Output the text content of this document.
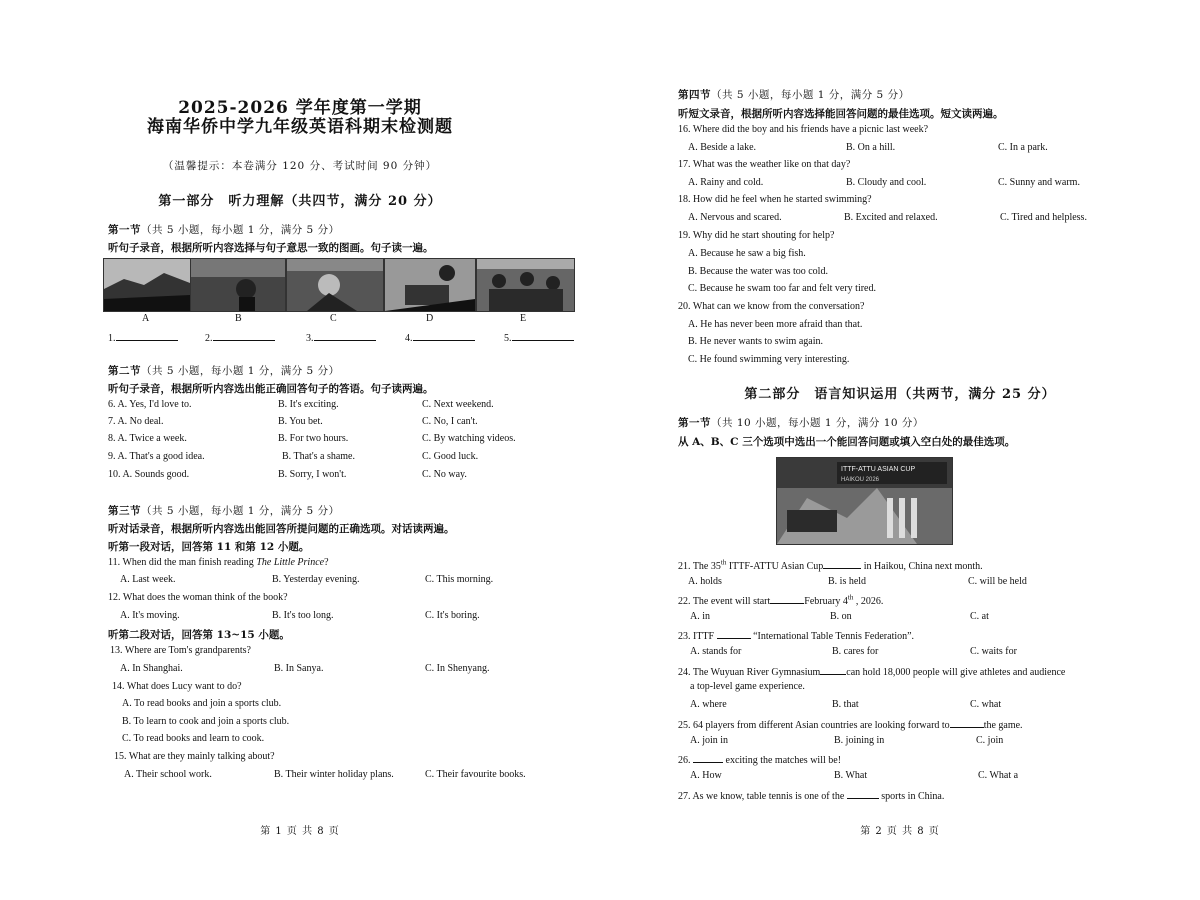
2025-2026 学年度第一学期
海南华侨中学九年级英语科期末检测题
（温馨提示：本卷满分 120 分、考试时间 90 分钟）
第一部分　听力理解（共四节，满分 20 分）
第一节（共 5 小题，每小题 1 分，满分 5 分）
听句子录音，根据所听内容选择与句子意思一致的图画。句子读一遍。
A	B	C	D	E
1.	2.	3.	4.	5.
第二节（共 5 小题，每小题 1 分，满分 5 分）
听句子录音，根据所听内容选出能正确回答句子的答语。句子读两遍。
6. A. Yes, I'd love to.	B. It's exciting.	C. Next weekend.
7. A. No deal.	B. You bet.	C. No, I can't.
8. A. Twice a week.	B. For two hours.	C. By watching videos.
9. A. That's a good idea.	B. That's a shame.	C. Good luck.
10. A. Sounds good.	B. Sorry, I won't.	C. No way.
第三节（共 5 小题，每小题 1 分，满分 5 分）
听对话录音，根据所听内容选出能回答所提问题的正确选项。对话读两遍。
听第一段对话，回答第 11 和第 12 小题。
11. When did the man finish reading The Little Prince?
A. Last week.	B. Yesterday evening.	C. This morning.
12. What does the woman think of the book?
A. It's moving.	B. It's too long.	C. It's boring.
听第二段对话，回答第 13~15 小题。
13. Where are Tom's grandparents?
A. In Shanghai.	B. In Sanya.	C. In Shenyang.
14. What does Lucy want to do?
A. To read books and join a sports club.
B. To learn to cook and join a sports club.
C. To read books and learn to cook.
15. What are they mainly talking about?
A. Their school work.	B. Their winter holiday plans.	C. Their favourite books.
第 1 页 共 8 页
第四节（共 5 小题，每小题 1 分，满分 5 分）
听短文录音，根据所听内容选择能回答问题的最佳选项。短文读两遍。
16. Where did the boy and his friends have a picnic last week?
A. Beside a lake.	B. On a hill.	C. In a park.
17. What was the weather like on that day?
A. Rainy and cold.	B. Cloudy and cool.	C. Sunny and warm.
18. How did he feel when he started swimming?
A. Nervous and scared.	B. Excited and relaxed.	C. Tired and helpless.
19. Why did he start shouting for help?
A. Because he saw a big fish.
B. Because the water was too cold.
C. Because he swam too far and felt very tired.
20. What can we know from the conversation?
A. He has never been more afraid than that.
B. He never wants to swim again.
C. He found swimming very interesting.
第二部分　语言知识运用（共两节，满分 25 分）
第一节（共 10 小题，每小题 1 分，满分 10 分）
从 A、B、C 三个选项中选出一个能回答问题或填入空白处的最佳选项。
ITTF-ATTU ASIAN CUP
HAIKOU 2026
21. The 35th ITTF-ATTU Asian Cup	in Haikou, China next month.
A. holds	B. is held	C. will be held
22. The event will start	February 4th , 2026.
A. in	B. on	C. at
23. ITTF	“International Table Tennis Federation”.
A. stands for	B. cares for	C. waits for
24. The Wuyuan River Gymnasium	can hold 18,000 people will give athletes and audience
a top-level game experience.
A. where	B. that	C. what
25. 64 players from different Asian countries are looking forward to	the game.
A. join in	B. joining in	C. join
26.	exciting the matches will be!
A. How	B. What	C. What a
27. As we know, table tennis is one of the	sports in China.
第 2 页 共 8 页
